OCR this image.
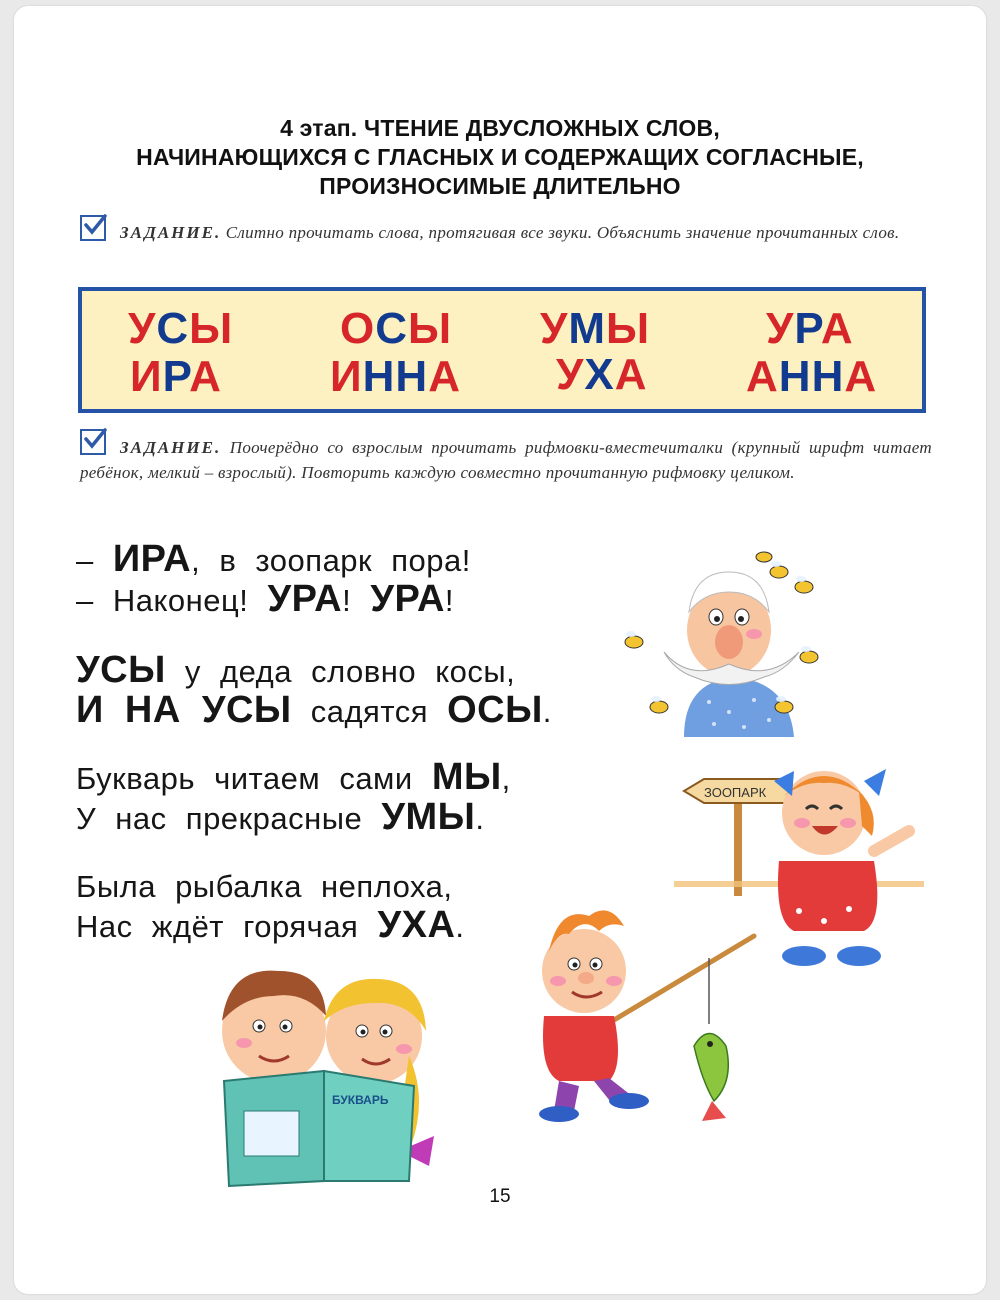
4 этап. ЧТЕНИЕ ДВУСЛОЖНЫХ СЛОВ,
НАЧИНАЮЩИХСЯ С ГЛАСНЫХ И СОДЕРЖАЩИХ СОГЛАСНЫЕ,
ПРОИЗНОСИМЫЕ ДЛИТЕЛЬНО
ЗАДАНИЕ. Слитно прочитать слова, протягивая все звуки. Объяснить значение прочитанных слов.
УСЫ ОСЫ УМЫ	УРА
ИРА ИННА УХА АННА
ЗАДАНИЕ. Поочерёдно со взрослым прочитать рифмовки-вместечиталки (крупный шрифт читает ребёнок, мелкий – взрослый). Повторить каждую совместно прочитанную рифмовку целиком.
– ИРА, в зоопарк пора!
– Наконец! УРА! УРА!
УСЫ у деда словно косы,
И НА УСЫ садятся ОСЫ.
Букварь читаем сами МЫ,
У нас прекрасные УМЫ.
Была рыбалка неплоха,
Нас ждёт горячая УХА.
ЗООПАРК
БУКВАРЬ
15
